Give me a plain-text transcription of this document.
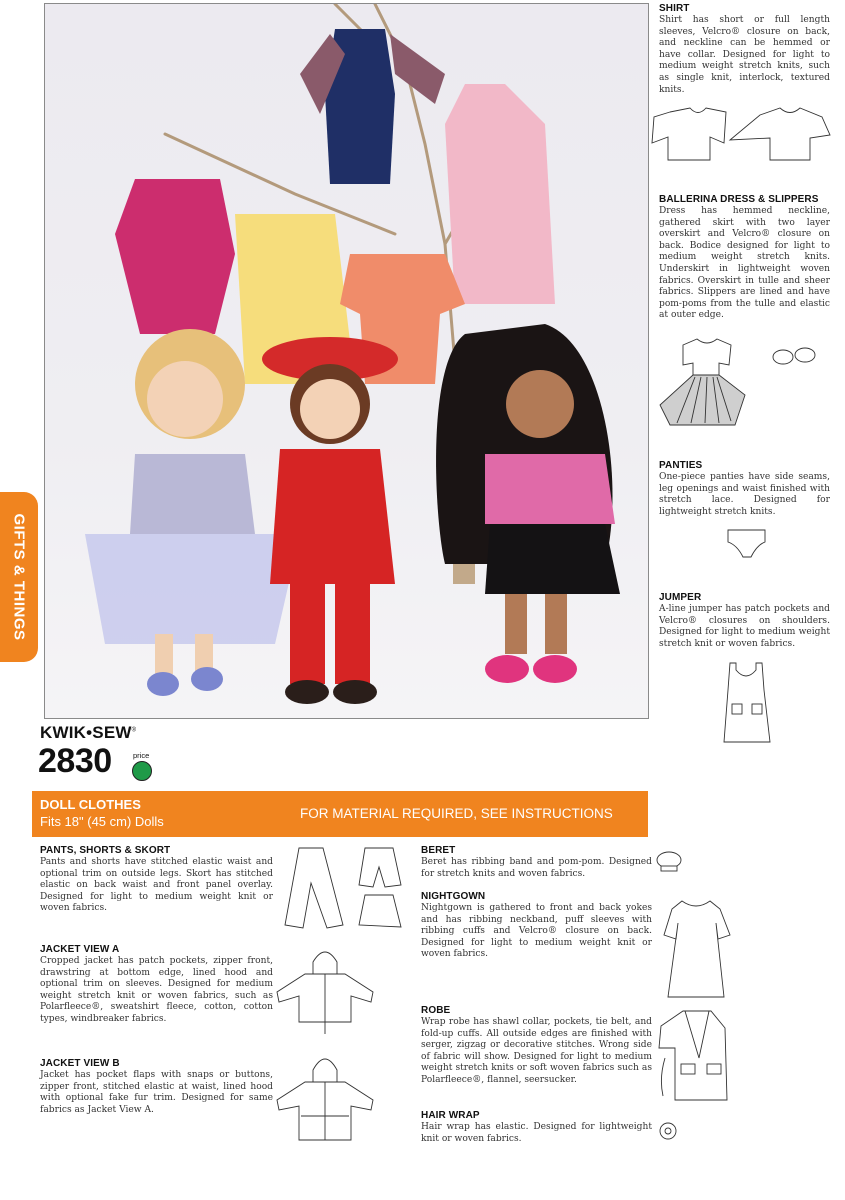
GIFTS & THINGS
KWIK•SEW®
2830	price
DOLL CLOTHES
Fits 18" (45 cm) Dolls
FOR MATERIAL REQUIRED, SEE INSTRUCTIONS
SHIRT

Shirt has short or full length sleeves, Velcro® closure on back, and neckline can be hemmed or have collar. Designed for light to medium weight stretch knits, such as single knit, interlock, textured knits.

BALLERINA DRESS & SLIPPERS

Dress has hemmed neckline, gathered skirt with two layer overskirt and Velcro® closure on back. Bodice designed for light to medium weight stretch knits. Underskirt in lightweight woven fabrics. Overskirt in tulle and sheer fabrics. Slippers are lined and have pom-poms from the tulle and elastic at outer edge.

PANTIES

One-piece panties have side seams, leg openings and waist finished with stretch lace. Designed for lightweight stretch knits.

JUMPER

A-line jumper has patch pockets and Velcro® closures on shoulders. Designed for light to medium weight stretch knit or woven fabrics.

PANTS, SHORTS & SKORT

Pants and shorts have stitched elastic waist and optional trim on outside legs. Skort has stitched elastic on back waist and front panel overlay. Designed for light to medium weight knit or woven fabrics.

JACKET VIEW A

Cropped jacket has patch pockets, zipper front, drawstring at bottom edge, lined hood and optional trim on sleeves. Designed for medium weight stretch knit or woven fabrics, such as Polarfleece®, sweatshirt fleece, cotton, cotton types, windbreaker fabrics.

JACKET VIEW B

Jacket has pocket flaps with snaps or buttons, zipper front, stitched elastic at waist, lined hood with optional fake fur trim. Designed for same fabrics as Jacket View A.

BERET

Beret has ribbing band and pom-pom. Designed for stretch knits and woven fabrics.

NIGHTGOWN

Nightgown is gathered to front and back yokes and has ribbing neckband, puff sleeves with ribbing cuffs and Velcro® closure on back. Designed for light to medium weight knit or woven fabrics.

ROBE

Wrap robe has shawl collar, pockets, tie belt, and fold-up cuffs. All outside edges are finished with serger, zigzag or decorative stitches. Wrong side of fabric will show. Designed for light to medium weight stretch knits or soft woven fabrics such as Polarfleece®, flannel, seersucker.

HAIR WRAP

Hair wrap has elastic. Designed for lightweight knit or woven fabrics.
